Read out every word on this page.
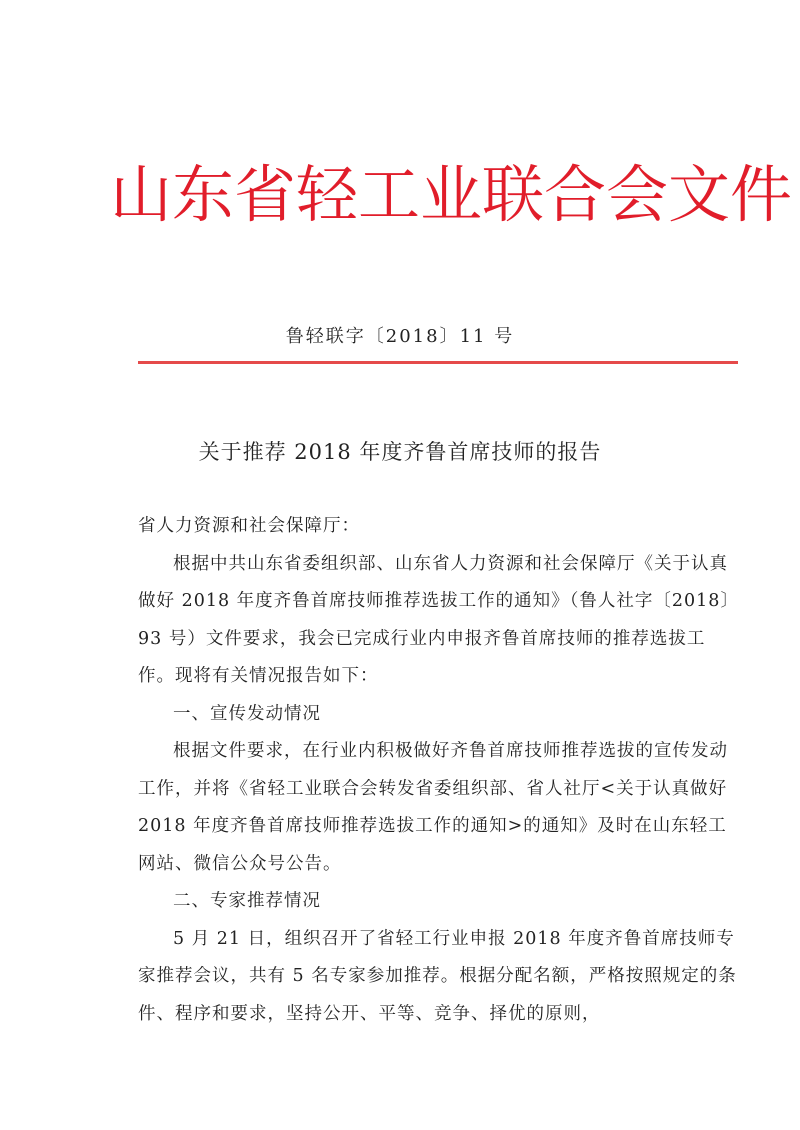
山东省轻工业联合会文件
鲁轻联字〔2018〕11 号
关于推荐 2018 年度齐鲁首席技师的报告

省人力资源和社会保障厅：

根据中共山东省委组织部、山东省人力资源和社会保障厅《关于认真做好 2018 年度齐鲁首席技师推荐选拔工作的通知》（鲁人社字〔2018〕93 号）文件要求，我会已完成行业内申报齐鲁首席技师的推荐选拔工作。现将有关情况报告如下：

一、宣传发动情况

根据文件要求，在行业内积极做好齐鲁首席技师推荐选拔的宣传发动工作，并将《省轻工业联合会转发省委组织部、省人社厅<关于认真做好 2018 年度齐鲁首席技师推荐选拔工作的通知>的通知》及时在山东轻工网站、微信公众号公告。

二、专家推荐情况

5 月 21 日，组织召开了省轻工行业申报 2018 年度齐鲁首席技师专家推荐会议，共有 5 名专家参加推荐。根据分配名额，严格按照规定的条件、程序和要求，坚持公开、平等、竞争、择优的原则，
